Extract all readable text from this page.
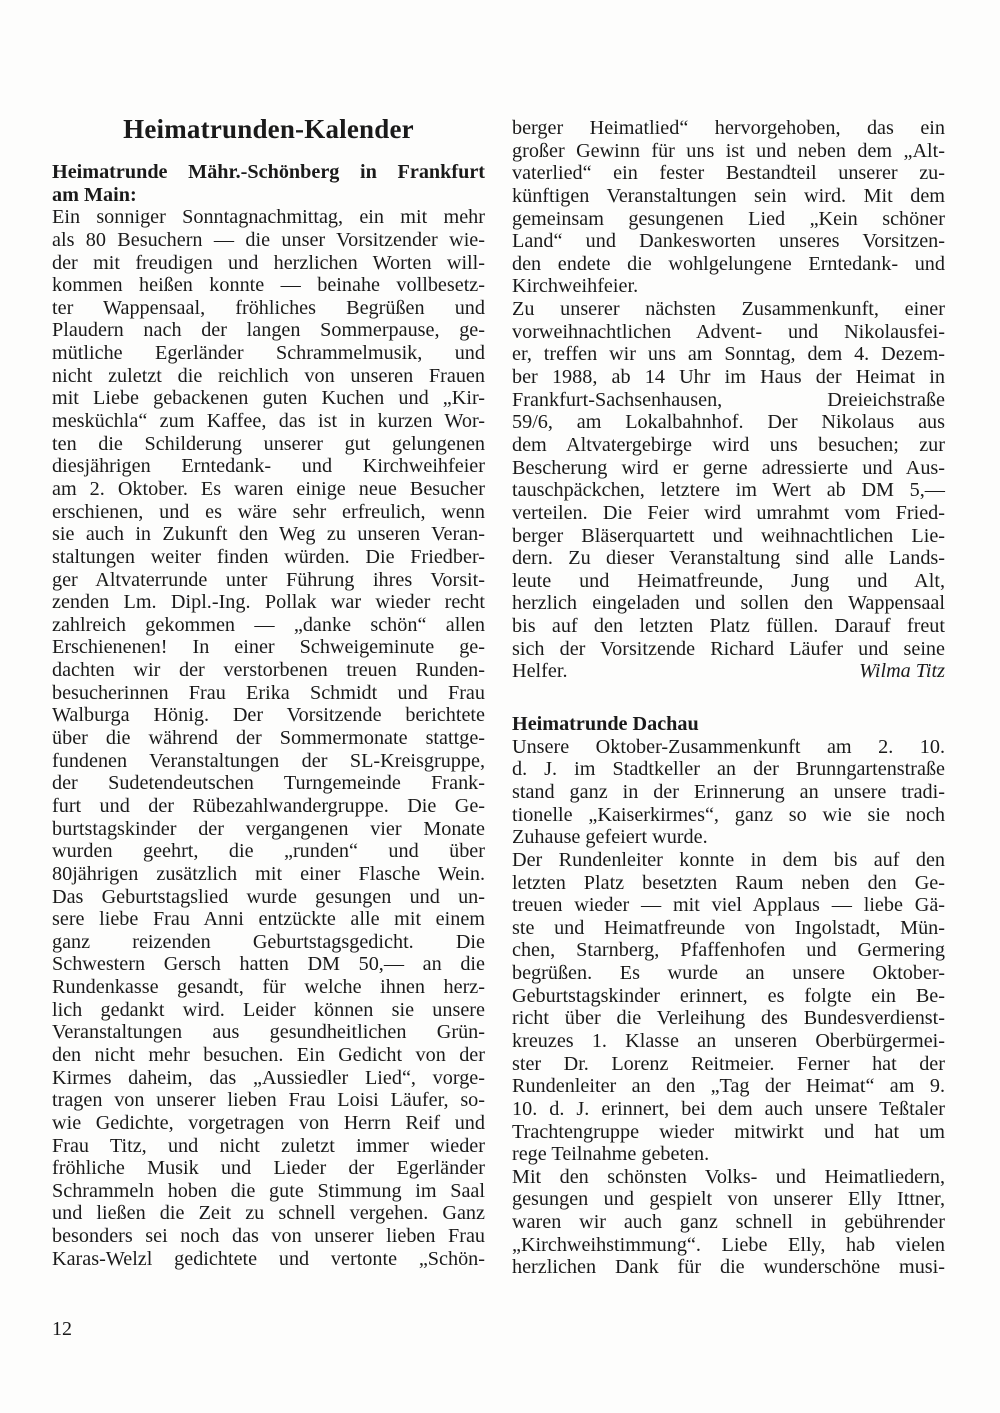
Heimatrunden-Kalender
Heimatrunde Mähr.-Schönberg in Frankfurt
am Main:
Ein sonniger Sonntagnachmittag, ein mit mehr
als 80 Besuchern — die unser Vorsitzender wie-
der mit freudigen und herzlichen Worten will-
kommen heißen konnte — beinahe vollbesetz-
ter Wappensaal, fröhliches Begrüßen und
Plaudern nach der langen Sommerpause, ge-
mütliche Egerländer Schrammelmusik, und
nicht zuletzt die reichlich von unseren Frauen
mit Liebe gebackenen guten Kuchen und „Kir-
mesküchla“ zum Kaffee, das ist in kurzen Wor-
ten die Schilderung unserer gut gelungenen
diesjährigen Erntedank- und Kirchweihfeier
am 2. Oktober. Es waren einige neue Besucher
erschienen, und es wäre sehr erfreulich, wenn
sie auch in Zukunft den Weg zu unseren Veran-
staltungen weiter finden würden. Die Friedber-
ger Altvaterrunde unter Führung ihres Vorsit-
zenden Lm. Dipl.-Ing. Pollak war wieder recht
zahlreich gekommen — „danke schön“ allen
Erschienenen! In einer Schweigeminute ge-
dachten wir der verstorbenen treuen Runden-
besucherinnen Frau Erika Schmidt und Frau
Walburga Hönig. Der Vorsitzende berichtete
über die während der Sommermonate stattge-
fundenen Veranstaltungen der SL-Kreisgruppe,
der Sudetendeutschen Turngemeinde Frank-
furt und der Rübezahlwandergruppe. Die Ge-
burtstagskinder der vergangenen vier Monate
wurden geehrt, die „runden“ und über
80jährigen zusätzlich mit einer Flasche Wein.
Das Geburtstagslied wurde gesungen und un-
sere liebe Frau Anni entzückte alle mit einem
ganz reizenden Geburtstagsgedicht. Die
Schwestern Gersch hatten DM 50,— an die
Rundenkasse gesandt, für welche ihnen herz-
lich gedankt wird. Leider können sie unsere
Veranstaltungen aus gesundheitlichen Grün-
den nicht mehr besuchen. Ein Gedicht von der
Kirmes daheim, das „Aussiedler Lied“, vorge-
tragen von unserer lieben Frau Loisi Läufer, so-
wie Gedichte, vorgetragen von Herrn Reif und
Frau Titz, und nicht zuletzt immer wieder
fröhliche Musik und Lieder der Egerländer
Schrammeln hoben die gute Stimmung im Saal
und ließen die Zeit zu schnell vergehen. Ganz
besonders sei noch das von unserer lieben Frau
Karas-Welzl gedichtete und vertonte „Schön-
berger Heimatlied“ hervorgehoben, das ein
großer Gewinn für uns ist und neben dem „Alt-
vaterlied“ ein fester Bestandteil unserer zu-
künftigen Veranstaltungen sein wird. Mit dem
gemeinsam gesungenen Lied „Kein schöner
Land“ und Dankesworten unseres Vorsitzen-
den endete die wohlgelungene Erntedank- und
Kirchweihfeier.
Zu unserer nächsten Zusammenkunft, einer
vorweihnachtlichen Advent- und Nikolausfei-
er, treffen wir uns am Sonntag, dem 4. Dezem-
ber 1988, ab 14 Uhr im Haus der Heimat in
Frankfurt-Sachsenhausen, Dreieichstraße
59/6, am Lokalbahnhof. Der Nikolaus aus
dem Altvatergebirge wird uns besuchen; zur
Bescherung wird er gerne adressierte und Aus-
tauschpäckchen, letztere im Wert ab DM 5,—
verteilen. Die Feier wird umrahmt vom Fried-
berger Bläserquartett und weihnachtlichen Lie-
dern. Zu dieser Veranstaltung sind alle Lands-
leute und Heimatfreunde, Jung und Alt,
herzlich eingeladen und sollen den Wappensaal
bis auf den letzten Platz füllen. Darauf freut
sich der Vorsitzende Richard Läufer und seine
Helfer.	Wilma Titz
Heimatrunde Dachau
Unsere Oktober-Zusammenkunft am 2. 10.
d. J. im Stadtkeller an der Brunngartenstraße
stand ganz in der Erinnerung an unsere tradi-
tionelle „Kaiserkirmes“, ganz so wie sie noch
Zuhause gefeiert wurde.
Der Rundenleiter konnte in dem bis auf den
letzten Platz besetzten Raum neben den Ge-
treuen wieder — mit viel Applaus — liebe Gä-
ste und Heimatfreunde von Ingolstadt, Mün-
chen, Starnberg, Pfaffenhofen und Germering
begrüßen. Es wurde an unsere Oktober-
Geburtstagskinder erinnert, es folgte ein Be-
richt über die Verleihung des Bundesverdienst-
kreuzes 1. Klasse an unseren Oberbürgermei-
ster Dr. Lorenz Reitmeier. Ferner hat der
Rundenleiter an den „Tag der Heimat“ am 9.
10. d. J. erinnert, bei dem auch unsere Teßtaler
Trachtengruppe wieder mitwirkt und hat um
rege Teilnahme gebeten.
Mit den schönsten Volks- und Heimatliedern,
gesungen und gespielt von unserer Elly Ittner,
waren wir auch ganz schnell in gebührender
„Kirchweihstimmung“. Liebe Elly, hab vielen
herzlichen Dank für die wunderschöne musi-
12
